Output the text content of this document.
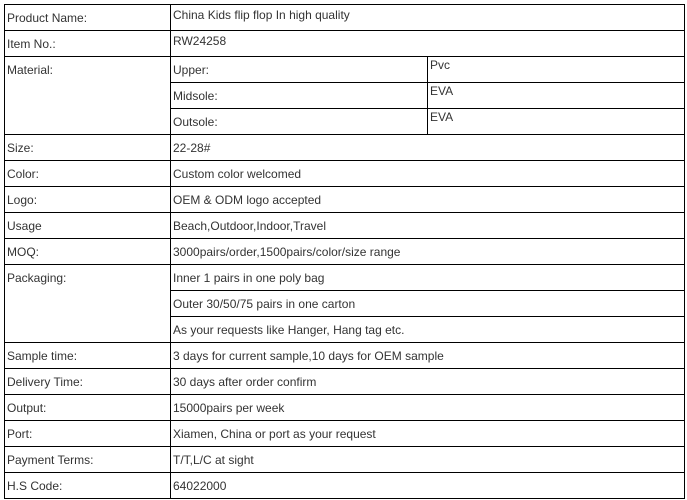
Product Name:	China Kids flip flop In high quality	
Item No.:	RW24258	
Material:	Upper:	Pvc
	Midsole:	EVA
	Outsole:	EVA
Size:	22-28#	
Color:	Custom color welcomed	
Logo:	OEM & ODM logo accepted	
Usage	Beach,Outdoor,Indoor,Travel	
MOQ:	3000pairs/order,1500pairs/color/size range	
Packaging:	Inner 1 pairs in one poly bag	
	Outer 30/50/75 pairs in one carton	
	As your requests like Hanger, Hang tag etc.	
Sample time:	3 days for current sample,10 days for OEM sample	
Delivery Time:	30 days after order confirm	
Output:	15000pairs per week	
Port:	Xiamen, China or port as your request	
Payment Terms:	T/T,L/C at sight	
H.S Code:	64022000	
